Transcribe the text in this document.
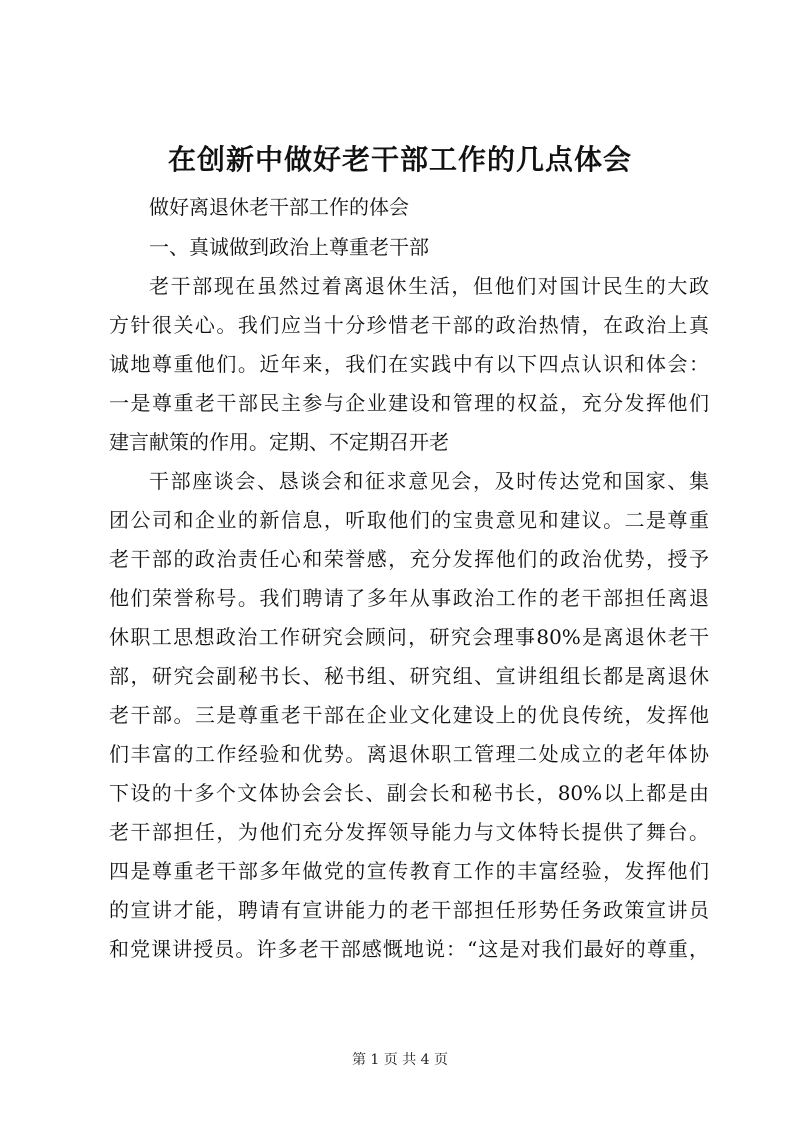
在创新中做好老干部工作的几点体会
做好离退休老干部工作的体会
一、真诚做到政治上尊重老干部
老干部现在虽然过着离退休生活，但他们对国计民生的大政
方针很关心。我们应当十分珍惜老干部的政治热情，在政治上真
诚地尊重他们。近年来，我们在实践中有以下四点认识和体会：
一是尊重老干部民主参与企业建设和管理的权益，充分发挥他们
建言献策的作用。定期、不定期召开老
干部座谈会、恳谈会和征求意见会，及时传达党和国家、集
团公司和企业的新信息，听取他们的宝贵意见和建议。二是尊重
老干部的政治责任心和荣誉感，充分发挥他们的政治优势，授予
他们荣誉称号。我们聘请了多年从事政治工作的老干部担任离退
休职工思想政治工作研究会顾问，研究会理事80%是离退休老干
部，研究会副秘书长、秘书组、研究组、宣讲组组长都是离退休
老干部。三是尊重老干部在企业文化建设上的优良传统，发挥他
们丰富的工作经验和优势。离退休职工管理二处成立的老年体协
下设的十多个文体协会会长、副会长和秘书长，80%以上都是由
老干部担任，为他们充分发挥领导能力与文体特长提供了舞台。
四是尊重老干部多年做党的宣传教育工作的丰富经验，发挥他们
的宣讲才能，聘请有宣讲能力的老干部担任形势任务政策宣讲员
和党课讲授员。许多老干部感慨地说：“这是对我们最好的尊重，
第 1 页 共 4 页
